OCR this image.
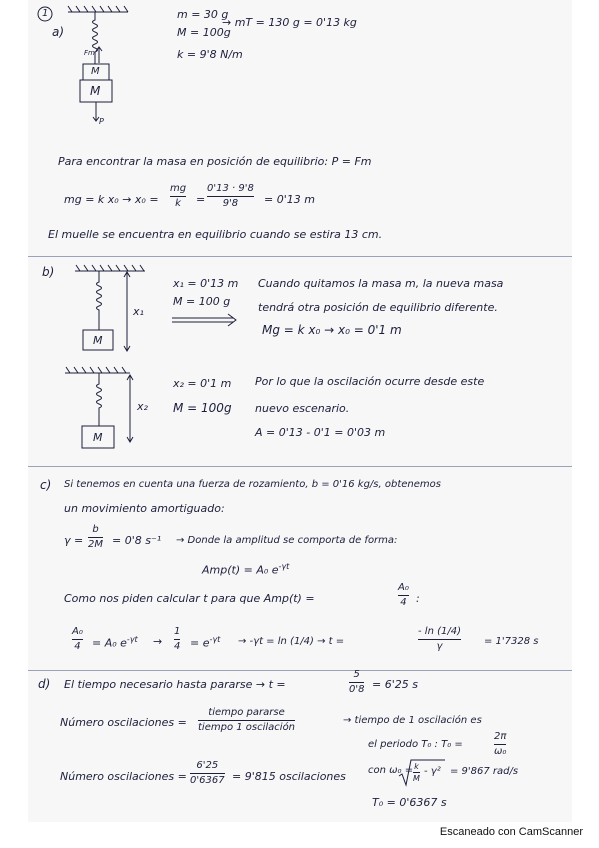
1
a)
m = 30 g
M = 100g
→ mT = 130 g = 0'13 kg
k = 9'8 N/m
Fm
M
M
P
Para encontrar la masa en posición de equilibrio: P = Fm
mg = k x₀ → x₀ =
mg
k =
0'13 · 9'8
9'8 = 0'13 m
El muelle se encuentra en equilibrio cuando se estira 13 cm.
b)
x₁ = 0'13 m
M = 100 g
x₁
M
Cuando quitamos la masa m, la nueva masa
tendrá otra posición de equilibrio diferente.
Mg = k x₀ → x₀ = 0'1 m
x₂ = 0'1 m
M = 100g
x₂
M
Por lo que la oscilación ocurre desde este
nuevo escenario.
A = 0'13 - 0'1 = 0'03 m
c) Si tenemos en cuenta una fuerza de rozamiento, b = 0'16 kg/s, obtenemos
un movimiento amortiguado:
γ =
b
2M = 0'8 s⁻¹ → Donde la amplitud se comporta de forma:
Amp(t) = A₀ $e^{-\gamma t}$
Como nos piden calcular t para que Amp(t) =
A₀
4 :
A₀
4 = A₀ $e^{-\gamma t}$ →
1
$4 = e^{-\gamma t} \to -\gamma t = \ln (1/4) \to t$ =
- ln (1/4)
γ	= 1'7328 s
d) El tiempo necesario hasta pararse → t =
5
0'8 = 6'25 s
Número oscilaciones =
tiempo pararse
tiempo 1 oscilación
→ tiempo de 1 oscilación es
el periodo T₀ : T₀ =
2π
ω₀
Número oscilaciones =
6'25
0'6367 = 9'815 oscilaciones con ω₀ = k
M
- γ² = 9'867 rad/s
T₀ = 0'6367 s
Escaneado con CamScanner
